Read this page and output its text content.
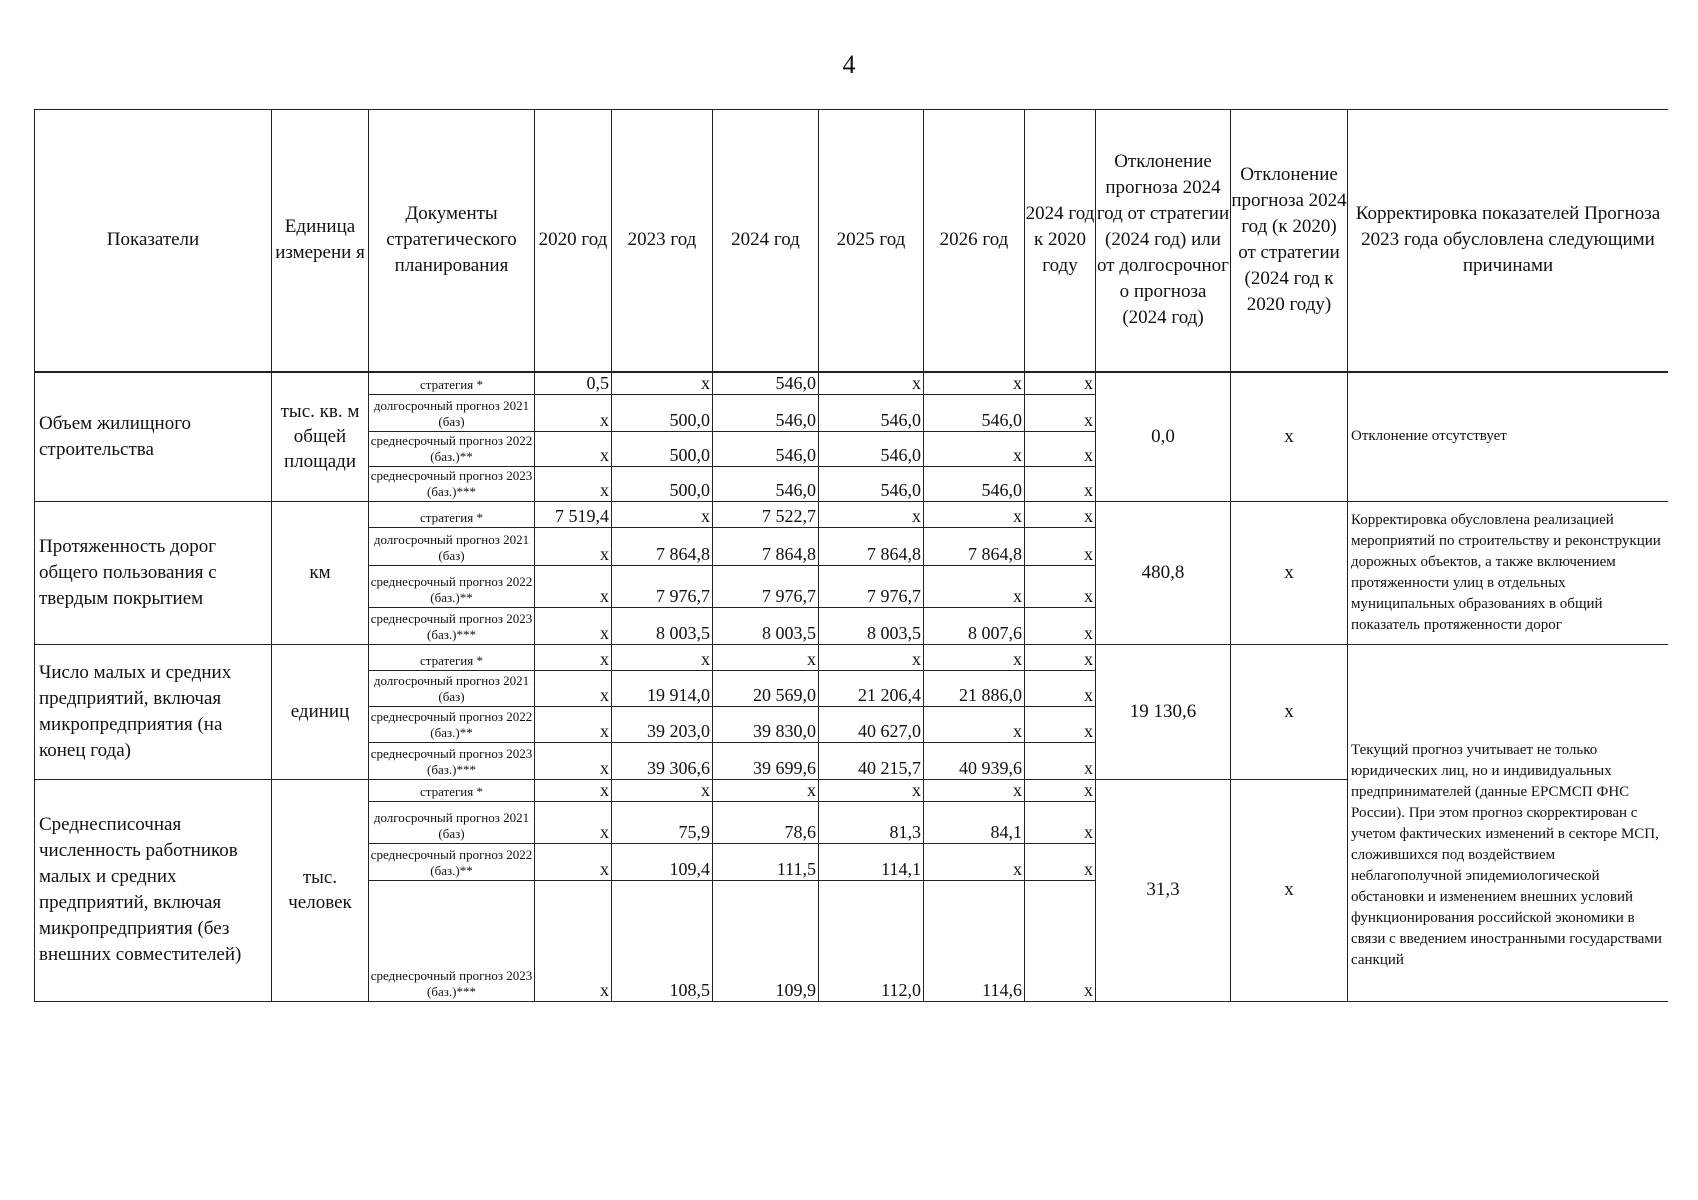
4
Показатели	Единица измерени я	Документы стратегического планирования	2020 год	2023 год	2024 год	2025 год	2026 год	2024 год к 2020 году	Отклонение прогноза 2024 год от стратегии (2024 год) или от долгосрочног о прогноза (2024 год)	Отклонение прогноза 2024 год (к 2020) от стратегии (2024 год к 2020 году)	Корректировка показателей Прогноза 2023 года обусловлена следующими причинами
Объем жилищного строительства	тыс. кв. м общей площади	стратегия *	0,5	х	546,0	х	х	х	0,0	х	Отклонение отсутствует
		долгосрочный прогноз 2021 (баз)	х	500,0	546,0	546,0	546,0	х			
		среднесрочный прогноз 2022 (баз.)**	х	500,0	546,0	546,0	х	х			
		среднесрочный прогноз 2023 (баз.)***	х	500,0	546,0	546,0	546,0	х			
Протяженность дорог общего пользования с твердым покрытием	км	стратегия *	7 519,4	х	7 522,7	х	х	х	480,8	х	Корректировка обусловлена реализацией мероприятий по строительству и реконструкции дорожных объектов, а также включением протяженности улиц в отдельных муниципальных образованиях в общий показатель протяженности дорог
		долгосрочный прогноз 2021 (баз)	х	7 864,8	7 864,8	7 864,8	7 864,8	х			
		среднесрочный прогноз 2022 (баз.)**	х	7 976,7	7 976,7	7 976,7	х	х			
		среднесрочный прогноз 2023 (баз.)***	х	8 003,5	8 003,5	8 003,5	8 007,6	х			
Число малых и средних предприятий, включая микропредприятия (на конец года)	единиц	стратегия *	х	х	х	х	х	х	19 130,6	х	Текущий прогноз учитывает не только юридических лиц, но и индивидуальных предпринимателей (данные ЕРСМСП ФНС России). При этом прогноз скорректирован с учетом фактических изменений в секторе МСП, сложившихся под воздействием неблагополучной эпидемиологической обстановки и изменением внешних условий функционирования российской экономики в связи с введением иностранными государствами санкций
		долгосрочный прогноз 2021 (баз)	х	19 914,0	20 569,0	21 206,4	21 886,0	х			
		среднесрочный прогноз 2022 (баз.)**	х	39 203,0	39 830,0	40 627,0	х	х			
		среднесрочный прогноз 2023 (баз.)***	х	39 306,6	39 699,6	40 215,7	40 939,6	х			
Среднесписочная численность работников малых и средних предприятий, включая микропредприятия (без внешних совместителей)	тыс. человек	стратегия *	х	х	х	х	х	х	31,3	х	
		долгосрочный прогноз 2021 (баз)	х	75,9	78,6	81,3	84,1	х			
		среднесрочный прогноз 2022 (баз.)**	х	109,4	111,5	114,1	х	х			
		среднесрочный прогноз 2023 (баз.)***	х	108,5	109,9	112,0	114,6	х			
